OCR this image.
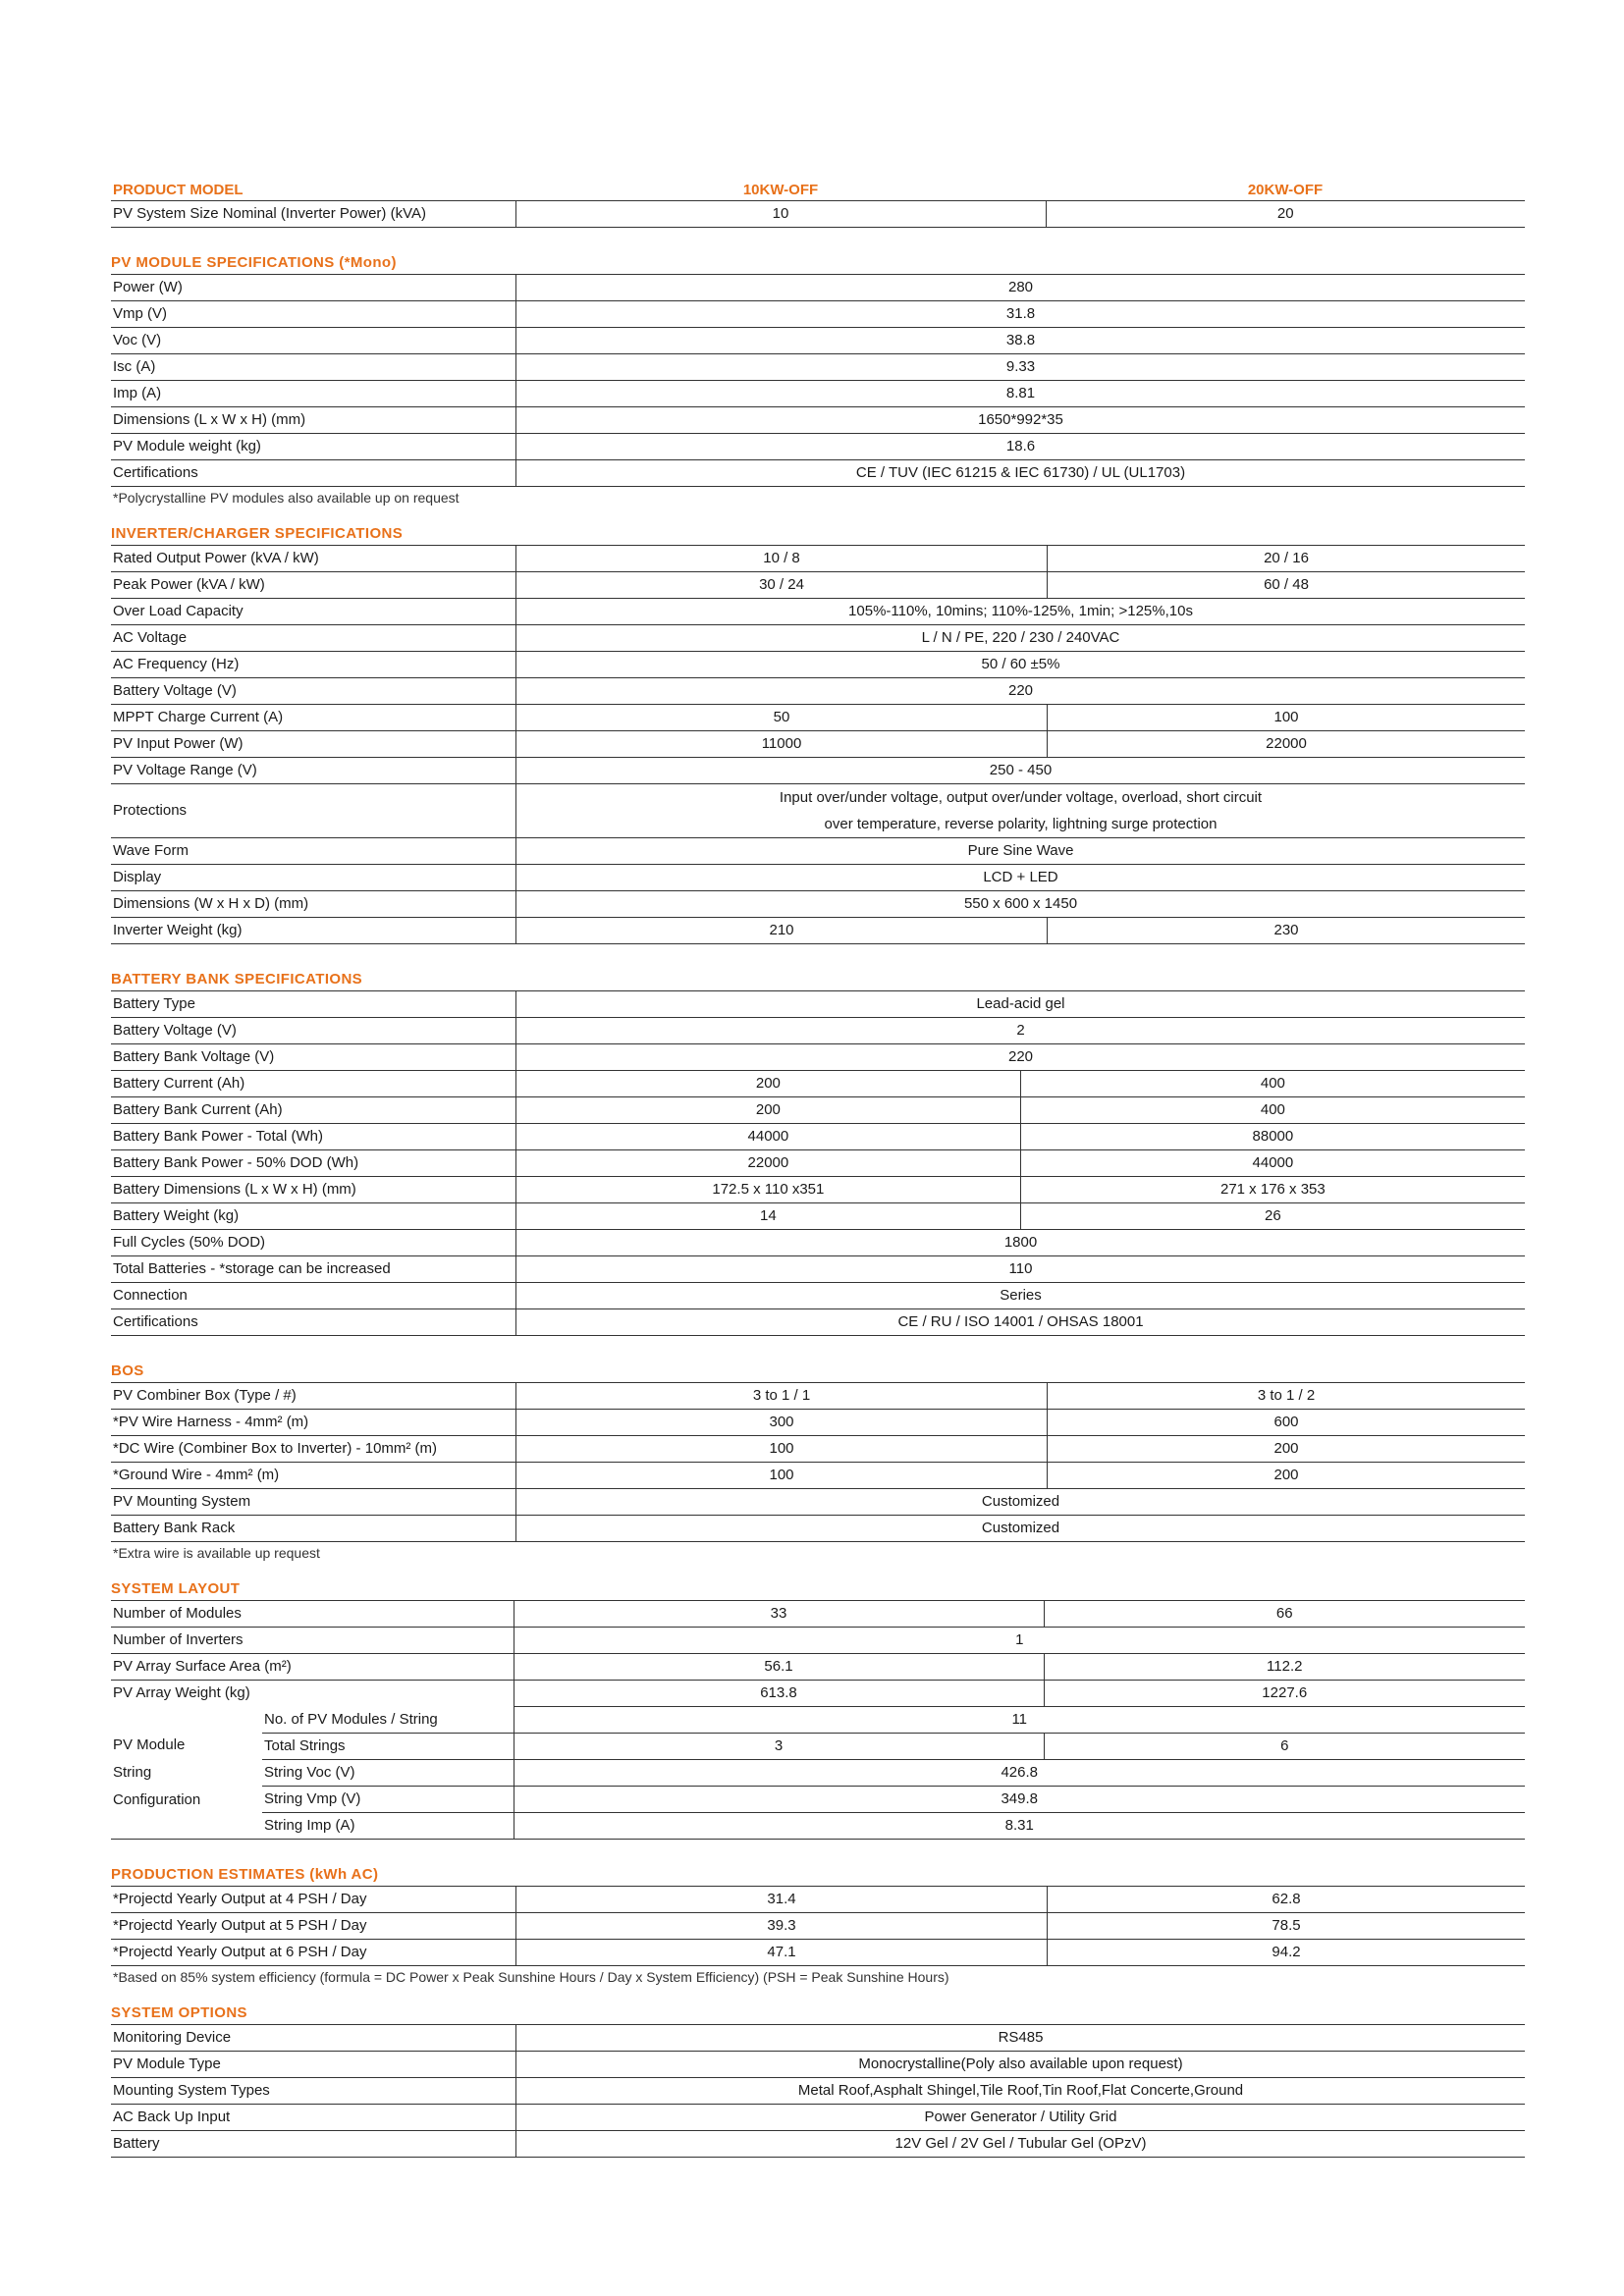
PRODUCT MODEL	10KW-OFF	20KW-OFF
PV System Size Nominal (Inverter Power) (kVA)	10	20
PV MODULE SPECIFICATIONS (*Mono)
Power (W)	280
Vmp (V)	31.8
Voc (V)	38.8
Isc (A)	9.33
Imp (A)	8.81
Dimensions (L x W x H) (mm)	1650*992*35
PV Module weight (kg)	18.6
Certifications	CE / TUV (IEC 61215 & IEC 61730) / UL (UL1703)
*Polycrystalline PV modules also available up on request
INVERTER/CHARGER SPECIFICATIONS
Rated Output Power (kVA / kW)	10 / 8	20 / 16
Peak Power (kVA / kW)	30 / 24	60 / 48
Over Load Capacity	105%-110%, 10mins; 110%-125%, 1min; >125%,10s	
AC Voltage	L / N / PE, 220 / 230 / 240VAC	
AC Frequency (Hz)	50 / 60 ±5%	
Battery Voltage (V)	220	
MPPT Charge Current (A)	50	100
PV Input Power (W)	11000	22000
PV Voltage Range (V)	250 - 450	
Protections	Input over/under voltage, output over/under voltage, overload, short circuit
over temperature, reverse polarity, lightning surge protection	

Wave Form	Pure Sine Wave	
Display	LCD + LED	
Dimensions (W x H x D) (mm)	550 x 600 x 1450	
Inverter Weight (kg)	210	230
BATTERY BANK SPECIFICATIONS
Battery Type	Lead-acid gel	
Battery Voltage (V)	2	
Battery Bank Voltage (V)	220	
Battery Current (Ah)	200	400
Battery Bank Current (Ah)	200	400
Battery Bank Power - Total (Wh)	44000	88000
Battery Bank Power - 50% DOD (Wh)	22000	44000
Battery Dimensions (L x W x H) (mm)	172.5 x 110 x351	271 x 176 x 353
Battery Weight (kg)	14	26
Full Cycles (50% DOD)	1800	
Total Batteries - *storage can be increased	110	
Connection	Series	
Certifications	CE / RU / ISO 14001 / OHSAS 18001	
BOS
PV Combiner Box (Type / #)	3 to 1 / 1	3 to 1 / 2
*PV Wire Harness - 4mm² (m)	300	600
*DC Wire (Combiner Box to Inverter) - 10mm² (m)	100	200
*Ground Wire - 4mm² (m)	100	200
PV Mounting System	Customized	
Battery Bank Rack	Customized	
*Extra wire is available up request
SYSTEM LAYOUT
Number of Modules		33	66
Number of Inverters		1	
PV Array Surface Area (m²)		56.1	112.2
PV Array Weight (kg)		613.8	1227.6

PV Module
String
Configuration	No. of PV Modules / String	11	
	Total Strings	3	6
	String Voc (V)	426.8	
	String Vmp (V)	349.8	
	String Imp (A)	8.31	
PRODUCTION ESTIMATES (kWh AC)
*Projectd Yearly Output at 4 PSH / Day	31.4	62.8
*Projectd Yearly Output at 5 PSH / Day	39.3	78.5
*Projectd Yearly Output at 6 PSH / Day	47.1	94.2
*Based on 85% system efficiency (formula = DC Power x Peak Sunshine Hours / Day x System Efficiency) (PSH = Peak Sunshine Hours)
SYSTEM OPTIONS
Monitoring Device	RS485
PV Module Type	Monocrystalline(Poly also available upon request)
Mounting System Types	Metal Roof,Asphalt Shingel,Tile Roof,Tin Roof,Flat Concerte,Ground
AC Back Up Input	Power Generator / Utility Grid
Battery	12V Gel / 2V Gel / Tubular Gel (OPzV)
